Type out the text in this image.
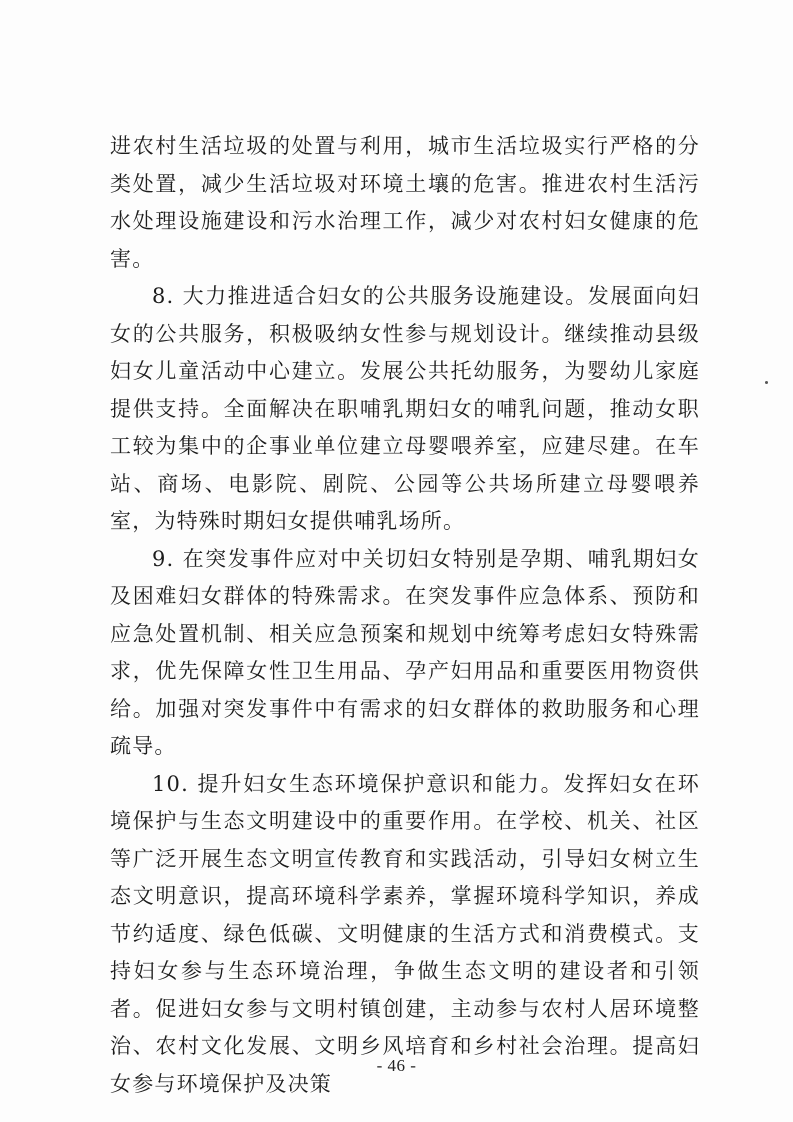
进农村生活垃圾的处置与利用，城市生活垃圾实行严格的分类处置，减少生活垃圾对环境土壤的危害。推进农村生活污水处理设施建设和污水治理工作，减少对农村妇女健康的危害。

8. 大力推进适合妇女的公共服务设施建设。发展面向妇女的公共服务，积极吸纳女性参与规划设计。继续推动县级妇女儿童活动中心建立。发展公共托幼服务，为婴幼儿家庭提供支持。全面解决在职哺乳期妇女的哺乳问题，推动女职工较为集中的企事业单位建立母婴喂养室，应建尽建。在车站、商场、电影院、剧院、公园等公共场所建立母婴喂养室，为特殊时期妇女提供哺乳场所。

9. 在突发事件应对中关切妇女特别是孕期、哺乳期妇女及困难妇女群体的特殊需求。在突发事件应急体系、预防和应急处置机制、相关应急预案和规划中统筹考虑妇女特殊需求，优先保障女性卫生用品、孕产妇用品和重要医用物资供给。加强对突发事件中有需求的妇女群体的救助服务和心理疏导。

10. 提升妇女生态环境保护意识和能力。发挥妇女在环境保护与生态文明建设中的重要作用。在学校、机关、社区等广泛开展生态文明宣传教育和实践活动，引导妇女树立生态文明意识，提高环境科学素养，掌握环境科学知识，养成节约适度、绿色低碳、文明健康的生活方式和消费模式。支持妇女参与生态环境治理，争做生态文明的建设者和引领者。促进妇女参与文明村镇创建，主动参与农村人居环境整治、农村文化发展、文明乡风培育和乡村社会治理。提高妇女参与环境保护及决策

- 46 -
